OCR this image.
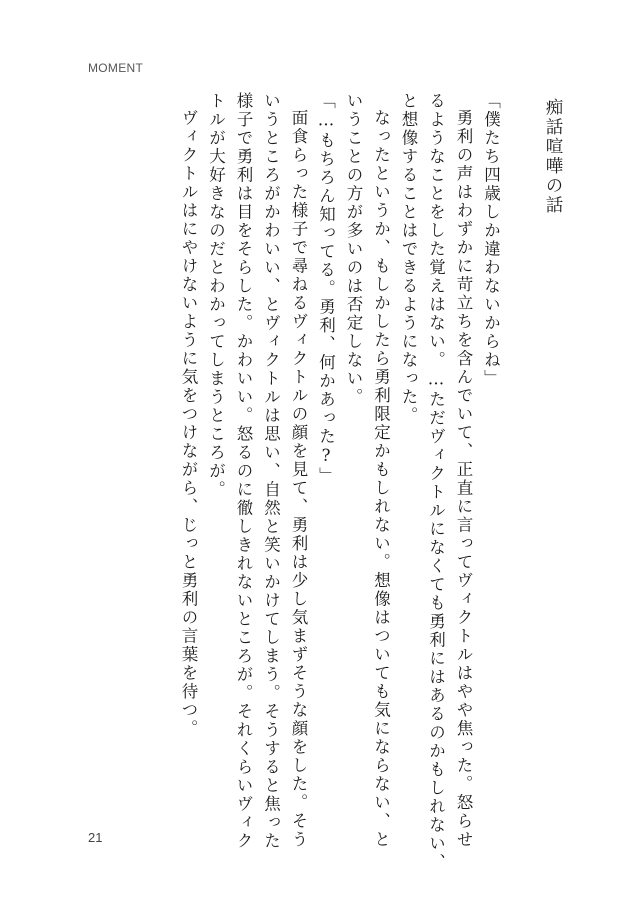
MOMENT
痴話喧嘩の話

「僕たち四歳しか違わないからね」

勇利の声はわずかに苛立ちを含んでいて、正直に言ってヴィクトルはやや焦った。怒らせ

るようなことをした覚えはない。…ただヴィクトルになくても勇利にはあるのかもしれない、

と想像することはできるようになった。

なったというか、もしかしたら勇利限定かもしれない。想像はついても気にならない、と

いうことの方が多いのは否定しない。

「…もちろん知ってる。勇利、何かあった?」

面食らった様子で尋ねるヴィクトルの顔を見て、勇利は少し気まずそうな顔をした。そう

いうところがかわいい、とヴィクトルは思い、自然と笑いかけてしまう。そうすると焦った

様子で勇利は目をそらした。かわいい。怒るのに徹しきれないところが。それくらいヴィク

トルが大好きなのだとわかってしまうところが。

ヴィクトルはにやけないように気をつけながら、じっと勇利の言葉を待つ。

21
